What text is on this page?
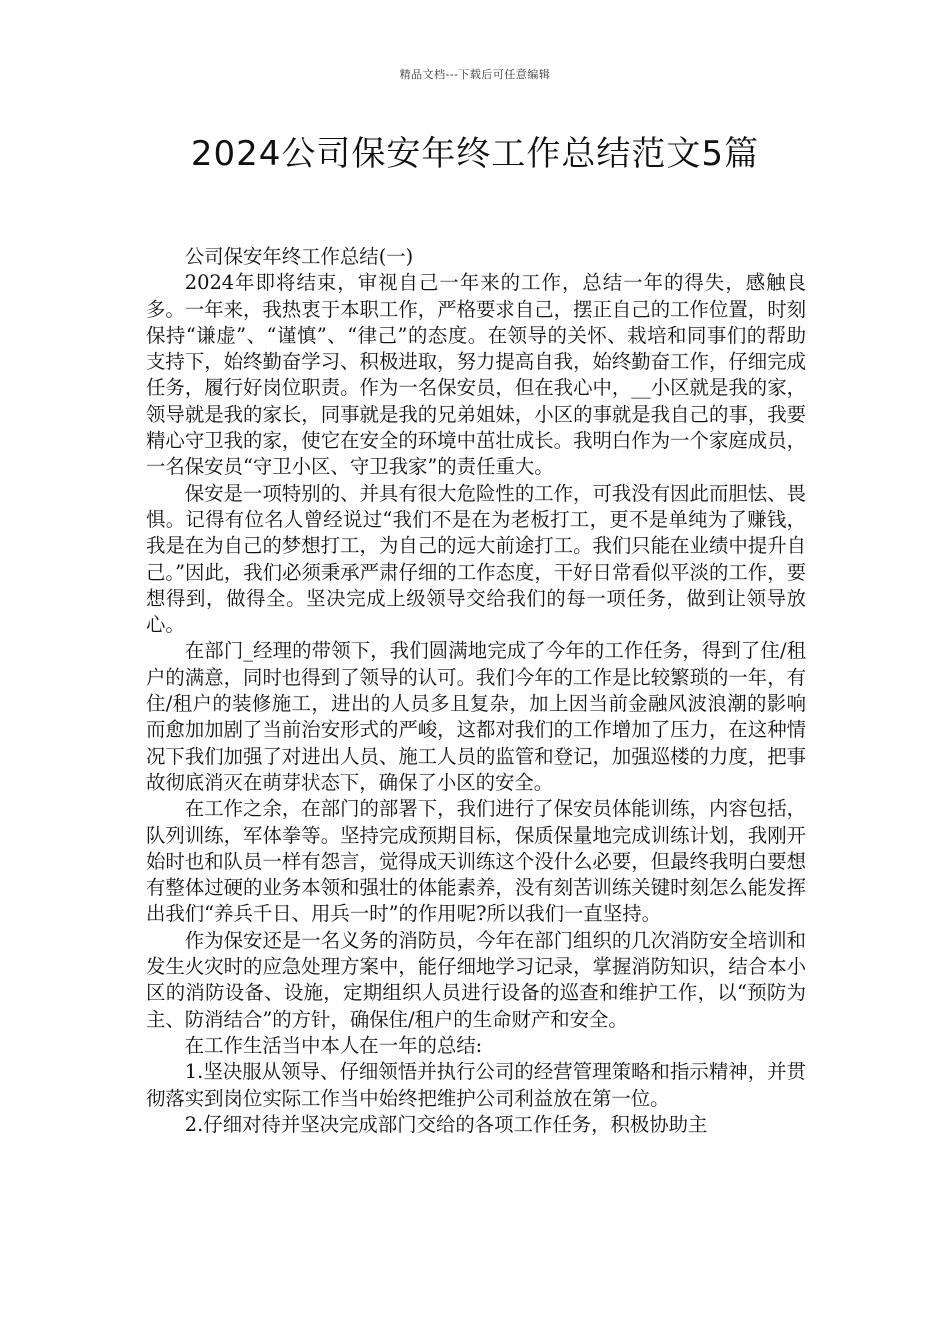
精品文档---下载后可任意编辑
2024公司保安年终工作总结范文5篇

公司保安年终工作总结(一)

2024年即将结束，审视自己一年来的工作，总结一年的得失，感触良多。一年来，我热衷于本职工作，严格要求自己，摆正自己的工作位置，时刻保持“谦虚”、“谨慎”、“律己”的态度。在领导的关怀、栽培和同事们的帮助支持下，始终勤奋学习、积极进取，努力提高自我，始终勤奋工作，仔细完成任务，履行好岗位职责。作为一名保安员，但在我心中，__小区就是我的家，领导就是我的家长，同事就是我的兄弟姐妹，小区的事就是我自己的事，我要精心守卫我的家，使它在安全的环境中茁壮成长。我明白作为一个家庭成员，一名保安员“守卫小区、守卫我家”的责任重大。

保安是一项特别的、并具有很大危险性的工作，可我没有因此而胆怯、畏惧。记得有位名人曾经说过“我们不是在为老板打工，更不是单纯为了赚钱，我是在为自己的梦想打工，为自己的远大前途打工。我们只能在业绩中提升自己。”因此，我们必须秉承严肃仔细的工作态度，干好日常看似平淡的工作，要想得到，做得全。坚决完成上级领导交给我们的每一项任务，做到让领导放心。

在部门_经理的带领下，我们圆满地完成了今年的工作任务，得到了住/租户的满意，同时也得到了领导的认可。我们今年的工作是比较繁琐的一年，有住/租户的装修施工，进出的人员多且复杂，加上因当前金融风波浪潮的影响而愈加加剧了当前治安形式的严峻，这都对我们的工作增加了压力，在这种情况下我们加强了对进出人员、施工人员的监管和登记，加强巡楼的力度，把事故彻底消灭在萌芽状态下，确保了小区的安全。

在工作之余，在部门的部署下，我们进行了保安员体能训练，内容包括，队列训练，军体拳等。坚持完成预期目标，保质保量地完成训练计划，我刚开始时也和队员一样有怨言，觉得成天训练这个没什么必要，但最终我明白要想有整体过硬的业务本领和强壮的体能素养，没有刻苦训练关键时刻怎么能发挥出我们“养兵千日、用兵一时”的作用呢?所以我们一直坚持。

作为保安还是一名义务的消防员，今年在部门组织的几次消防安全培训和发生火灾时的应急处理方案中，能仔细地学习记录，掌握消防知识，结合本小区的消防设备、设施，定期组织人员进行设备的巡查和维护工作，以“预防为主、防消结合”的方针，确保住/租户的生命财产和安全。

在工作生活当中本人在一年的总结:

1.坚决服从领导、仔细领悟并执行公司的经营管理策略和指示精神，并贯彻落实到岗位实际工作当中始终把维护公司利益放在第一位。

2.仔细对待并坚决完成部门交给的各项工作任务，积极协助主
